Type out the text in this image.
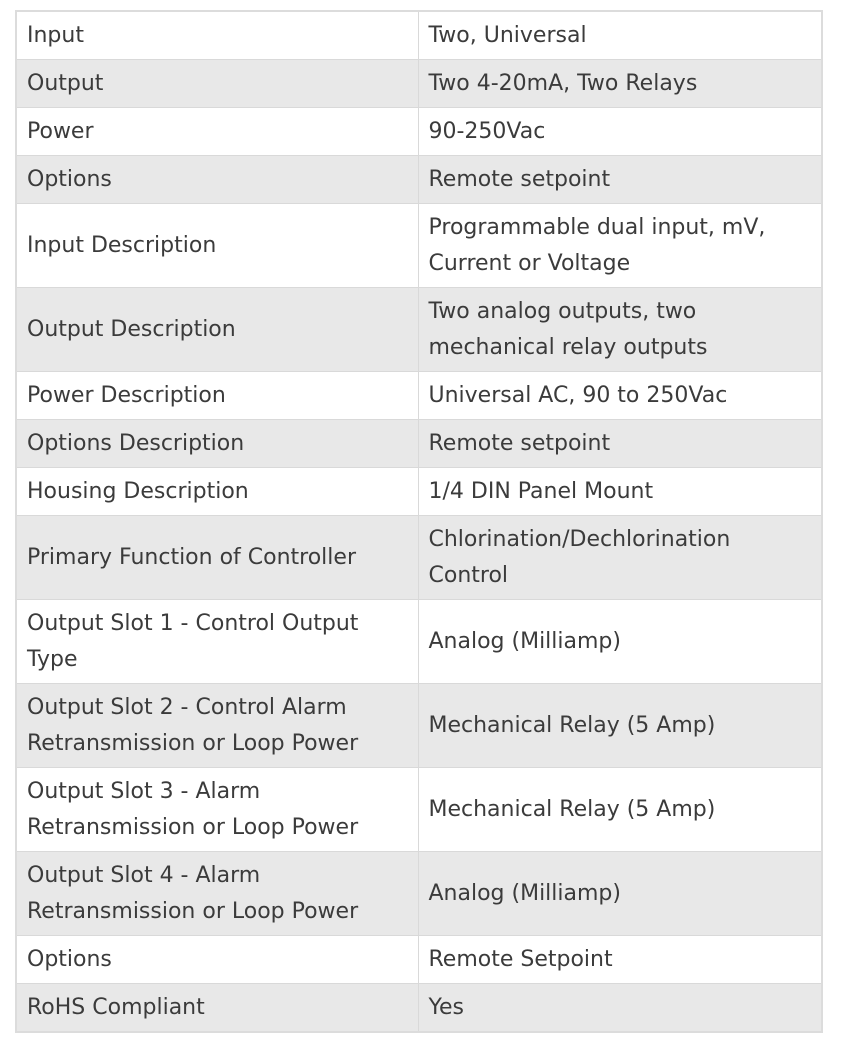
Input	Two, Universal
Output	Two 4-20mA, Two Relays
Power	90-250Vac
Options	Remote setpoint
Input Description	Programmable dual input, mV, Current or Voltage
Output Description	Two analog outputs, two mechanical relay outputs
Power Description	Universal AC, 90 to 250Vac
Options Description	Remote setpoint
Housing Description	1/4 DIN Panel Mount
Primary Function of Controller	Chlorination/Dechlorination Control
Output Slot 1 - Control Output Type	Analog (Milliamp)
Output Slot 2 - Control Alarm Retransmission or Loop Power	Mechanical Relay (5 Amp)
Output Slot 3 - Alarm Retransmission or Loop Power	Mechanical Relay (5 Amp)
Output Slot 4 - Alarm Retransmission or Loop Power	Analog (Milliamp)
Options	Remote Setpoint
RoHS Compliant	Yes
